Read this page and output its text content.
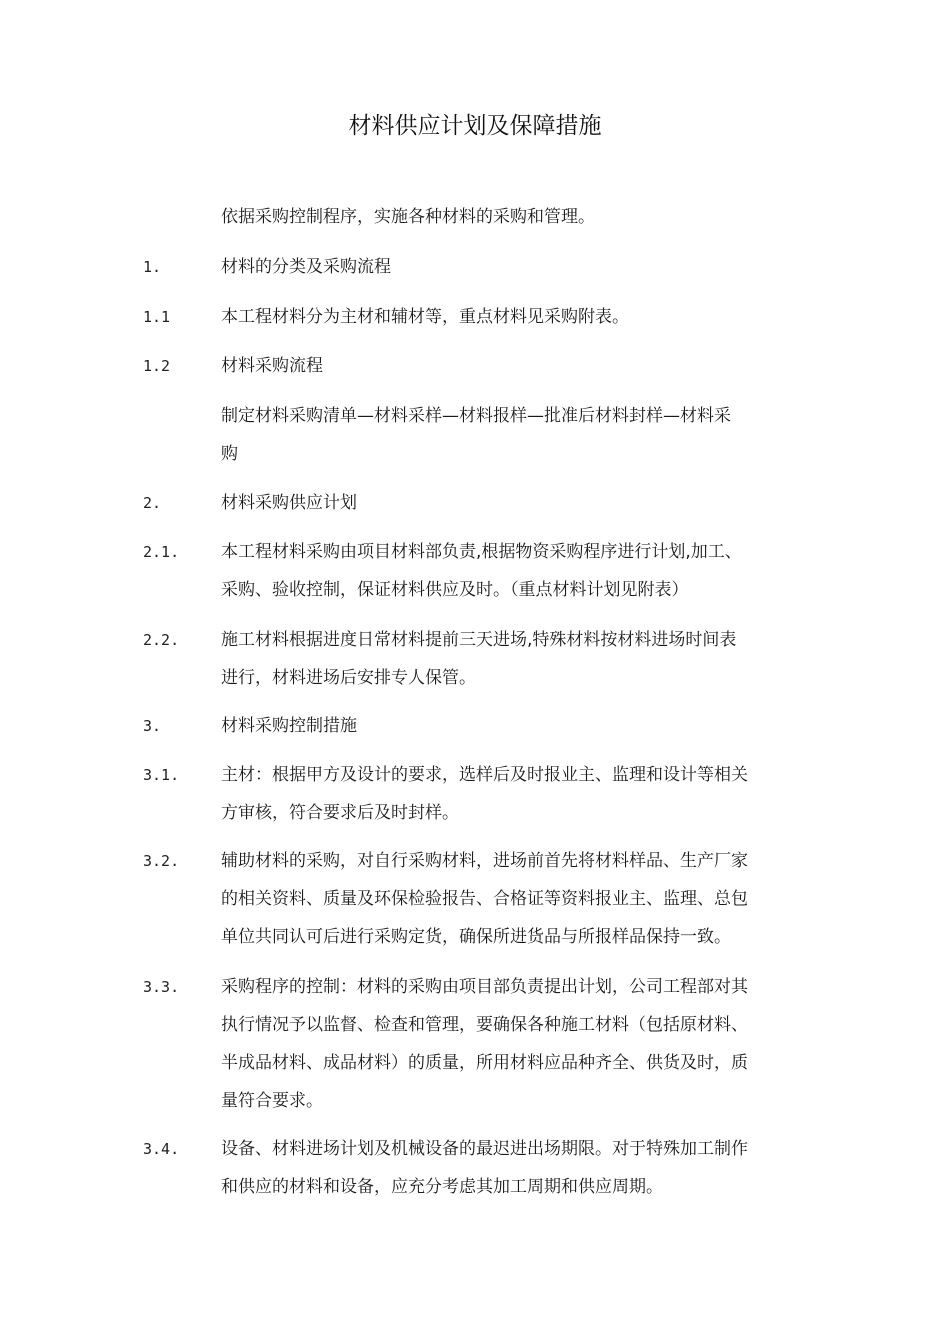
材料供应计划及保障措施
依据采购控制程序，实施各种材料的采购和管理。
1.	材料的分类及采购流程
1.1	本工程材料分为主材和辅材等，重点材料见采购附表。
1.2	材料采购流程
制定材料采购清单—材料采样—材料报样—批准后材料封样—材料采
购
2.	材料采购供应计划
2.1.	本工程材料采购由项目材料部负责,根据物资采购程序进行计划,加工、
采购、验收控制，保证材料供应及时。（重点材料计划见附表）
2.2.	施工材料根据进度日常材料提前三天进场,特殊材料按材料进场时间表
进行，材料进场后安排专人保管。
3.	材料采购控制措施
3.1.	主材：根据甲方及设计的要求，选样后及时报业主、监理和设计等相关
方审核，符合要求后及时封样。
3.2.	辅助材料的采购，对自行采购材料，进场前首先将材料样品、生产厂家
的相关资料、质量及环保检验报告、合格证等资料报业主、监理、总包
单位共同认可后进行采购定货，确保所进货品与所报样品保持一致。
3.3.	采购程序的控制：材料的采购由项目部负责提出计划，公司工程部对其
执行情况予以监督、检查和管理，要确保各种施工材料（包括原材料、
半成品材料、成品材料）的质量，所用材料应品种齐全、供货及时，质
量符合要求。
3.4.	设备、材料进场计划及机械设备的最迟进出场期限。对于特殊加工制作
和供应的材料和设备，应充分考虑其加工周期和供应周期。
